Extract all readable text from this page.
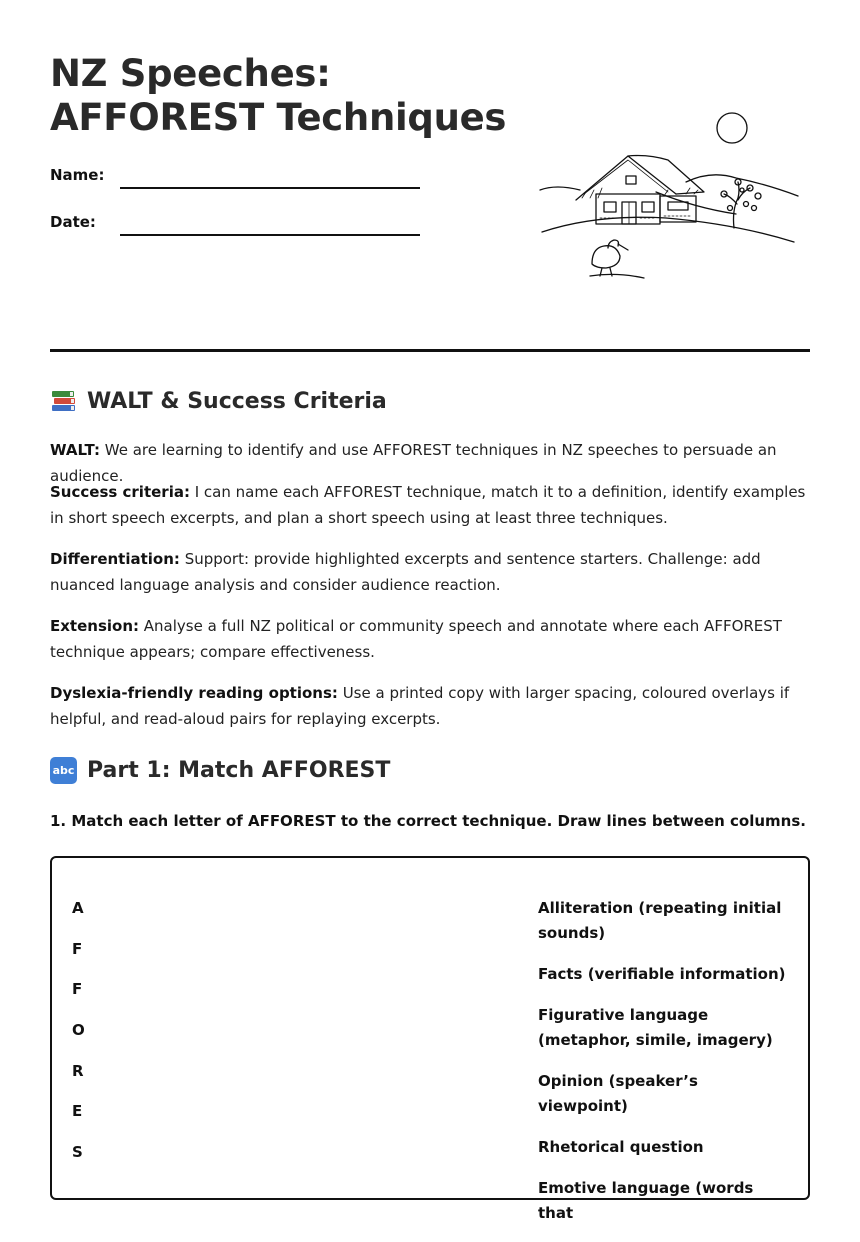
NZ Speeches: AFFOREST Techniques
Name:
Date:
WALT & Success Criteria

WALT: We are learning to identify and use AFFOREST techniques in NZ speeches to persuade an audience.

Success criteria: I can name each AFFOREST technique, match it to a definition, identify examples in short speech excerpts, and plan a short speech using at least three techniques.

Differentiation: Support: provide highlighted excerpts and sentence starters. Challenge: add nuanced language analysis and consider audience reaction.

Extension: Analyse a full NZ political or community speech and annotate where each AFFOREST technique appears; compare effectiveness.

Dyslexia-friendly reading options: Use a printed copy with larger spacing, coloured overlays if helpful, and read-aloud pairs for replaying excerpts.

abc Part 1: Match AFFOREST

1. Match each letter of AFFOREST to the correct technique. Draw lines between columns.

A
F
F
O
R
E
S
Alliteration (repeating initial sounds)
Facts (verifiable information)
Figurative language (metaphor, simile, imagery)
Opinion (speaker’s viewpoint)
Rhetorical question
Emotive language (words that
